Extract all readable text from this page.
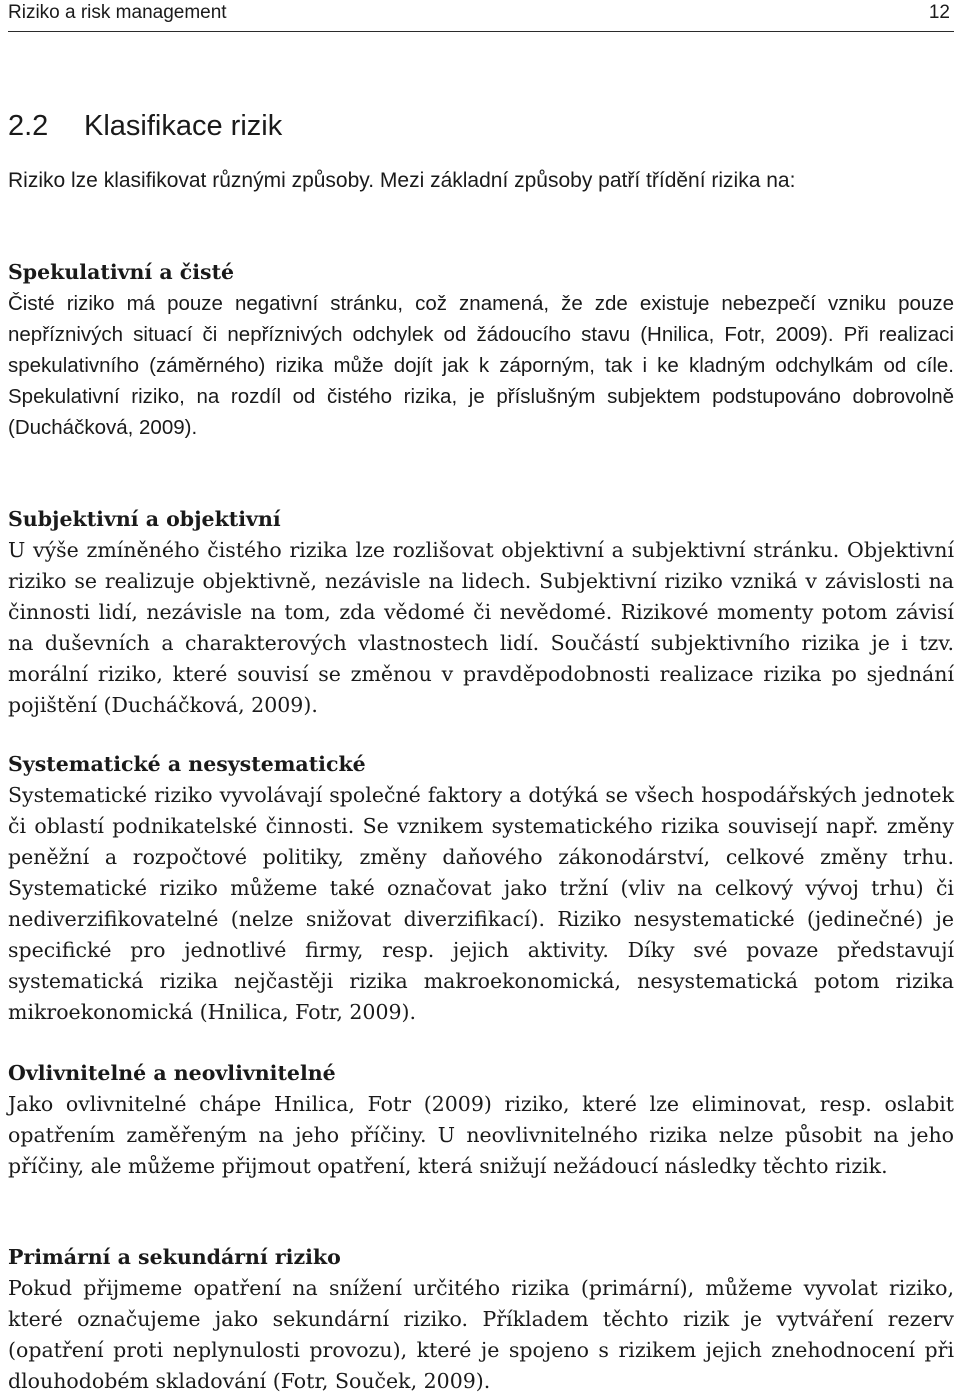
Riziko a risk management	12
2.2 Klasifikace rizik

Riziko lze klasifikovat různými způsoby. Mezi základní způsoby patří třídění rizika na:

Spekulativní a čisté
Čisté riziko má pouze negativní stránku, což znamená, že zde existuje nebezpečí vzniku pouze nepříznivých situací či nepříznivých odchylek od žádoucího stavu (Hnilica, Fotr, 2009). Při realizaci spekulativního (záměrného) rizika může dojít jak k záporným, tak i ke kladným odchylkám od cíle. Spekulativní riziko, na rozdíl od čistého rizika, je příslušným subjektem podstupováno dobrovolně (Ducháčková, 2009).
Subjektivní a objektivní
U výše zmíněného čistého rizika lze rozlišovat objektivní a subjektivní stránku. Objektivní riziko se realizuje objektivně, nezávisle na lidech. Subjektivní riziko vzniká v závislosti na činnosti lidí, nezávisle na tom, zda vědomé či nevědomé. Rizikové momenty potom závisí na duševních a charakterových vlastnostech lidí. Součástí subjektivního rizika je i tzv. morální riziko, které souvisí se změnou v pravděpodobnosti realizace rizika po sjednání pojištění (Ducháčková, 2009).
Systematické a nesystematické
Systematické riziko vyvolávají společné faktory a dotýká se všech hospodářských jednotek či oblastí podnikatelské činnosti. Se vznikem systematického rizika souvisejí např. změny peněžní a rozpočtové politiky, změny daňového zákonodárství, celkové změny trhu. Systematické riziko můžeme také označovat jako tržní (vliv na celkový vývoj trhu) či nediverzifikovatelné (nelze snižovat diverzifikací). Riziko nesystematické (jedinečné) je specifické pro jednotlivé firmy, resp. jejich aktivity. Díky své povaze představují systematická rizika nejčastěji rizika makroekonomická, nesystematická potom rizika mikroekonomická (Hnilica, Fotr, 2009).
Ovlivnitelné a neovlivnitelné
Jako ovlivnitelné chápe Hnilica, Fotr (2009) riziko, které lze eliminovat, resp. oslabit opatřením zaměřeným na jeho příčiny. U neovlivnitelného rizika nelze působit na jeho příčiny, ale můžeme přijmout opatření, která snižují nežádoucí následky těchto rizik.
Primární a sekundární riziko
Pokud přijmeme opatření na snížení určitého rizika (primární), můžeme vyvolat riziko, které označujeme jako sekundární riziko. Příkladem těchto rizik je vytváření rezerv (opatření proti neplynulosti provozu), které je spojeno s rizikem jejich znehodnocení při dlouhodobém skladování (Fotr, Souček, 2009).
